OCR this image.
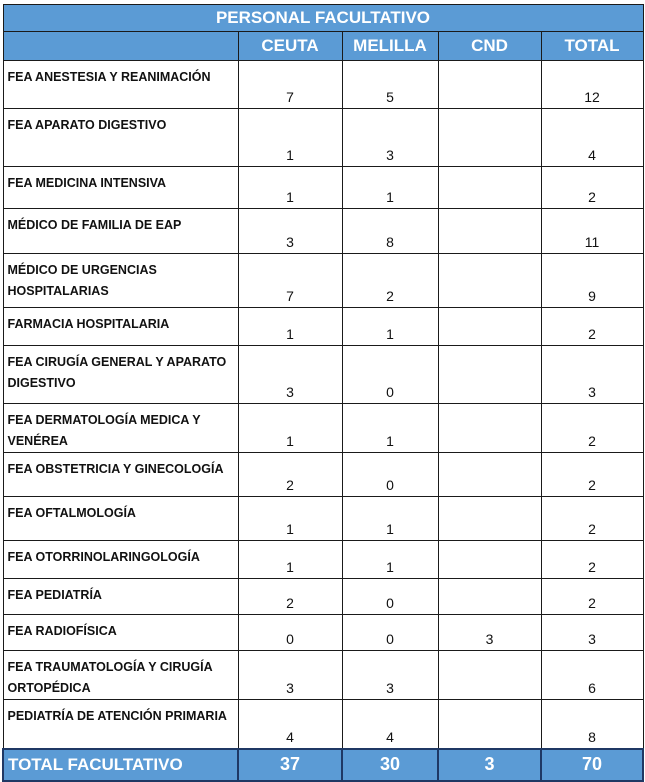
PERSONAL FACULTATIVO				
	CEUTA	MELILLA	CND	TOTAL
FEA ANESTESIA Y REANIMACIÓN	7	5		12
FEA APARATO DIGESTIVO	1	3		4
FEA MEDICINA INTENSIVA	1	1		2
MÉDICO DE FAMILIA DE EAP	3	8		11
MÉDICO DE URGENCIAS HOSPITALARIAS	7	2		9
FARMACIA HOSPITALARIA	1	1		2
FEA CIRUGÍA GENERAL Y APARATO DIGESTIVO	3	0		3
FEA DERMATOLOGÍA MEDICA Y VENÉREA	1	1		2
FEA OBSTETRICIA Y GINECOLOGÍA	2	0		2
FEA OFTALMOLOGÍA	1	1		2
FEA OTORRINOLARINGOLOGÍA	1	1		2
FEA PEDIATRÍA	2	0		2
FEA RADIOFÍSICA	0	0	3	3
FEA TRAUMATOLOGÍA Y CIRUGÍA ORTOPÉDICA	3	3		6
PEDIATRÍA DE ATENCIÓN PRIMARIA	4	4		8
TOTAL FACULTATIVO	37	30	3	70
